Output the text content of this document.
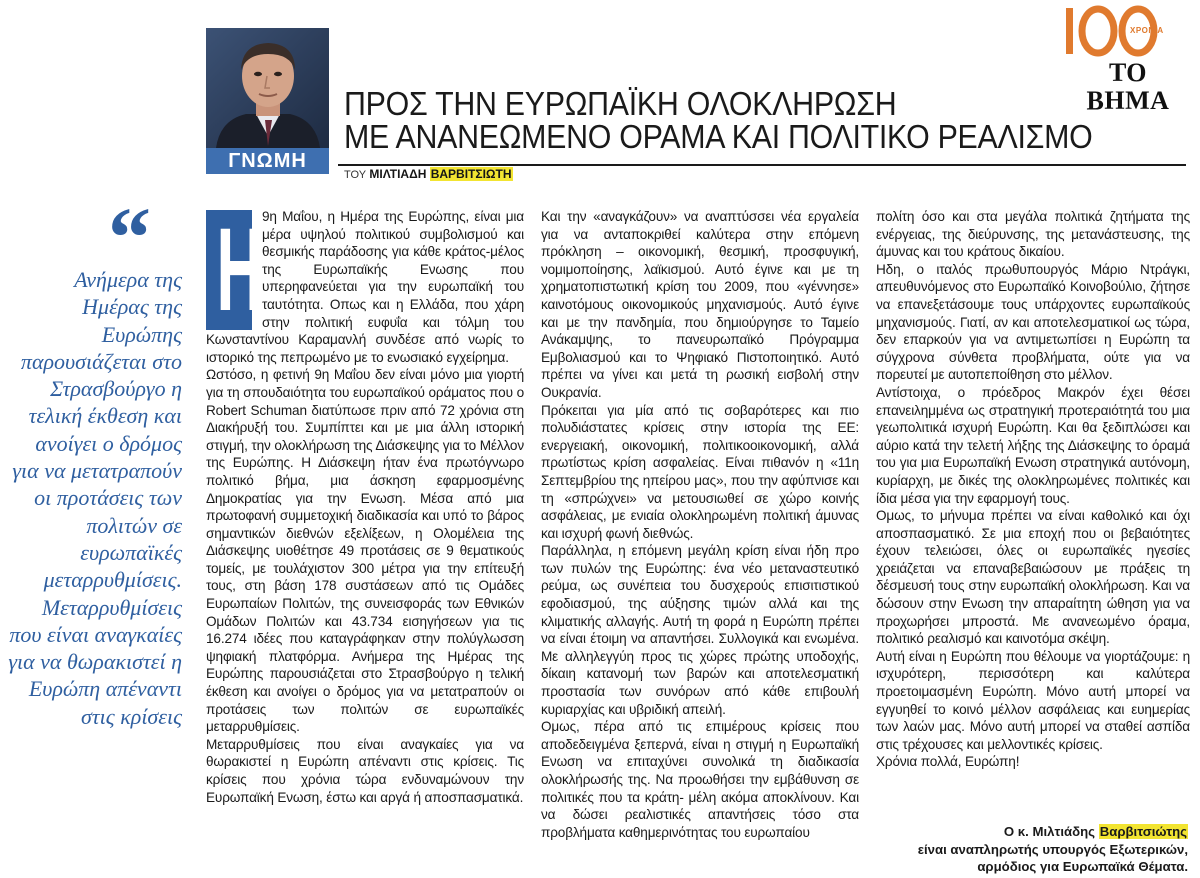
ΓΝΩΜΗ
ΧΡΟΝΙΑ
ΤΟ ΒΗΜΑ
ΠΡΟΣ ΤΗΝ ΕΥΡΩΠΑΪΚΗ ΟΛΟΚΛΗΡΩΣΗ
ΜΕ ΑΝΑΝΕΩΜΕΝΟ ΟΡΑΜΑ ΚΑΙ ΠΟΛΙΤΙΚΟ ΡΕΑΛΙΣΜΟ
ΤΟΥ ΜΙΛΤΙΑΔΗ ΒΑΡΒΙΤΣΙΩΤΗ
“
Ανήμερα της Ημέρας της Ευρώπης παρουσιάζεται στο Στρασβούργο η τελική έκθεση και ανοίγει ο δρόμος για να μετατραπούν οι προτάσεις των πολιτών σε ευρωπαϊκές μεταρρυθμίσεις. Μεταρρυθμίσεις που είναι αναγκαίες για να θωρακιστεί η Ευρώπη απέναντι στις κρίσεις
Η

9η Μαΐου, η Ημέρα της Ευρώπης, είναι μια μέρα υψηλού πολιτικού συμβολισμού και θεσμικής παράδοσης για κάθε κράτος-μέλος της Ευρωπαϊκής Ενωσης που υπερηφανεύεται για την ευρωπαϊκή του ταυτότητα. Οπως και η Ελλάδα, που χάρη στην πολιτική ευφυΐα και τόλμη του Κωνσταντίνου Καραμανλή συνδέσε από νωρίς το ιστορικό της πεπρωμένο με το ενωσιακό εγχείρημα.

Ωστόσο, η φετινή 9η Μαΐου δεν είναι μόνο μια γιορτή για τη σπουδαιότητα του ευρωπαϊκού οράματος που ο Robert Schuman διατύπωσε πριν από 72 χρόνια στη Διακήρυξή του. Συμπίπτει και με μια άλλη ιστορική στιγμή, την ολοκλήρωση της Διάσκεψης για το Μέλλον της Ευρώπης. Η Διάσκεψη ήταν ένα πρωτόγνωρο πολιτικό βήμα, μια άσκηση εφαρμοσμένης Δημοκρατίας για την Ενωση. Μέσα από μια πρωτοφανή συμμετοχική διαδικασία και υπό το βάρος σημαντικών διεθνών εξελίξεων, η Ολομέλεια της Διάσκεψης υιοθέτησε 49 προτάσεις σε 9 θεματικούς τομείς, με τουλάχιστον 300 μέτρα για την επίτευξή τους, στη βάση 178 συστάσεων από τις Ομάδες Ευρωπαίων Πολιτών, της συνεισφοράς των Εθνικών Ομάδων Πολιτών και 43.734 εισηγήσεων για τις 16.274 ιδέες που καταγράφηκαν στην πολύγλωσση ψηφιακή πλατφόρμα. Ανήμερα της Ημέρας της Ευρώπης παρουσιάζεται στο Στρασβούργο η τελική έκθεση και ανοίγει ο δρόμος για να μετατραπούν οι προτάσεις των πολιτών σε ευρωπαϊκές μεταρρυθμίσεις.

Μεταρρυθμίσεις που είναι αναγκαίες για να θωρακιστεί η Ευρώπη απέναντι στις κρίσεις. Τις κρίσεις που χρόνια τώρα ενδυναμώνουν την Ευρωπαϊκή Ενωση, έστω και αργά ή αποσπασματικά.

Και την «αναγκάζουν» να αναπτύσσει νέα εργαλεία για να ανταποκριθεί καλύτερα στην επόμενη πρόκληση – οικονομική, θεσμική, προσφυγική, νομιμοποίησης, λαϊκισμού. Αυτό έγινε και με τη χρηματοπιστωτική κρίση του 2009, που «γέννησε» καινοτόμους οικονομικούς μηχανισμούς. Αυτό έγινε και με την πανδημία, που δημιούργησε το Ταμείο Ανάκαμψης, το πανευρωπαϊκό Πρόγραμμα Εμβολιασμού και το Ψηφιακό Πιστοποιητικό. Αυτό πρέπει να γίνει και μετά τη ρωσική εισβολή στην Ουκρανία.

Πρόκειται για μία από τις σοβαρότερες και πιο πολυδιάστατες κρίσεις στην ιστορία της ΕΕ: ενεργειακή, οικονομική, πολιτικοοικονομική, αλλά πρωτίστως κρίση ασφαλείας. Είναι πιθανόν η «11η Σεπτεμβρίου της ηπείρου μας», που την αφύπνισε και τη «σπρώχνει» να μετουσιωθεί σε χώρο κοινής ασφάλειας, με ενιαία ολοκληρωμένη πολιτική άμυνας και ισχυρή φωνή διεθνώς.

Παράλληλα, η επόμενη μεγάλη κρίση είναι ήδη προ των πυλών της Ευρώπης: ένα νέο μεταναστευτικό ρεύμα, ως συνέπεια του δυσχερούς επισιτιστικού εφοδιασμού, της αύξησης τιμών αλλά και της κλιματικής αλλαγής. Αυτή τη φορά η Ευρώπη πρέπει να είναι έτοιμη να απαντήσει. Συλλογικά και ενωμένα. Με αλληλεγγύη προς τις χώρες πρώτης υποδοχής, δίκαιη κατανομή των βαρών και αποτελεσματική προστασία των συνόρων από κάθε επιβουλή κυριαρχίας και υβριδική απειλή.

Ομως, πέρα από τις επιμέρους κρίσεις που αποδεδειγμένα ξεπερνά, είναι η στιγμή η Ευρωπαϊκή Ενωση να επιταχύνει συνολικά τη διαδικασία ολοκλήρωσής της. Να προωθήσει την εμβάθυνση σε πολιτικές που τα κράτη- μέλη ακόμα αποκλίνουν. Και να δώσει ρεαλιστικές απαντήσεις τόσο στα προβλήματα καθημερινότητας του ευρωπαίου

πολίτη όσο και στα μεγάλα πολιτικά ζητήματα της ενέργειας, της διεύρυνσης, της μετανάστευσης, της άμυνας και του κράτους δικαίου.

Ηδη, ο ιταλός πρωθυπουργός Μάριο Ντράγκι, απευθυνόμενος στο Ευρωπαϊκό Κοινοβούλιο, ζήτησε να επανεξετάσουμε τους υπάρχοντες ευρωπαϊκούς μηχανισμούς. Γιατί, αν και αποτελεσματικοί ως τώρα, δεν επαρκούν για να αντιμετωπίσει η Ευρώπη τα σύγχρονα σύνθετα προβλήματα, ούτε για να πορευτεί με αυτοπεποίθηση στο μέλλον.

Αντίστοιχα, ο πρόεδρος Μακρόν έχει θέσει επανειλημμένα ως στρατηγική προτεραιότητά του μια γεωπολιτικά ισχυρή Ευρώπη. Και θα ξεδιπλώσει και αύριο κατά την τελετή λήξης της Διάσκεψης το όραμά του για μια Ευρωπαϊκή Ενωση στρατηγικά αυτόνομη, κυρίαρχη, με δικές της ολοκληρωμένες πολιτικές και ίδια μέσα για την εφαρμογή τους.

Ομως, το μήνυμα πρέπει να είναι καθολικό και όχι αποσπασματικό. Σε μια εποχή που οι βεβαιότητες έχουν τελειώσει, όλες οι ευρωπαϊκές ηγεσίες χρειάζεται να επαναβεβαιώσουν με πράξεις τη δέσμευσή τους στην ευρωπαϊκή ολοκλήρωση. Και να δώσουν στην Ενωση την απαραίτητη ώθηση για να προχωρήσει μπροστά. Με ανανεωμένο όραμα, πολιτικό ρεαλισμό και καινοτόμα σκέψη.

Αυτή είναι η Ευρώπη που θέλουμε να γιορτάζουμε: η ισχυρότερη, περισσότερη και καλύτερα προετοιμασμένη Ευρώπη. Μόνο αυτή μπορεί να εγγυηθεί το κοινό μέλλον ασφάλειας και ευημερίας των λαών μας. Μόνο αυτή μπορεί να σταθεί ασπίδα στις τρέχουσες και μελλοντικές κρίσεις.

Χρόνια πολλά, Ευρώπη!

Ο κ. Μιλτιάδης Βαρβιτσιώτης
είναι αναπληρωτής υπουργός Εξωτερικών,
αρμόδιος για Ευρωπαϊκά Θέματα.
